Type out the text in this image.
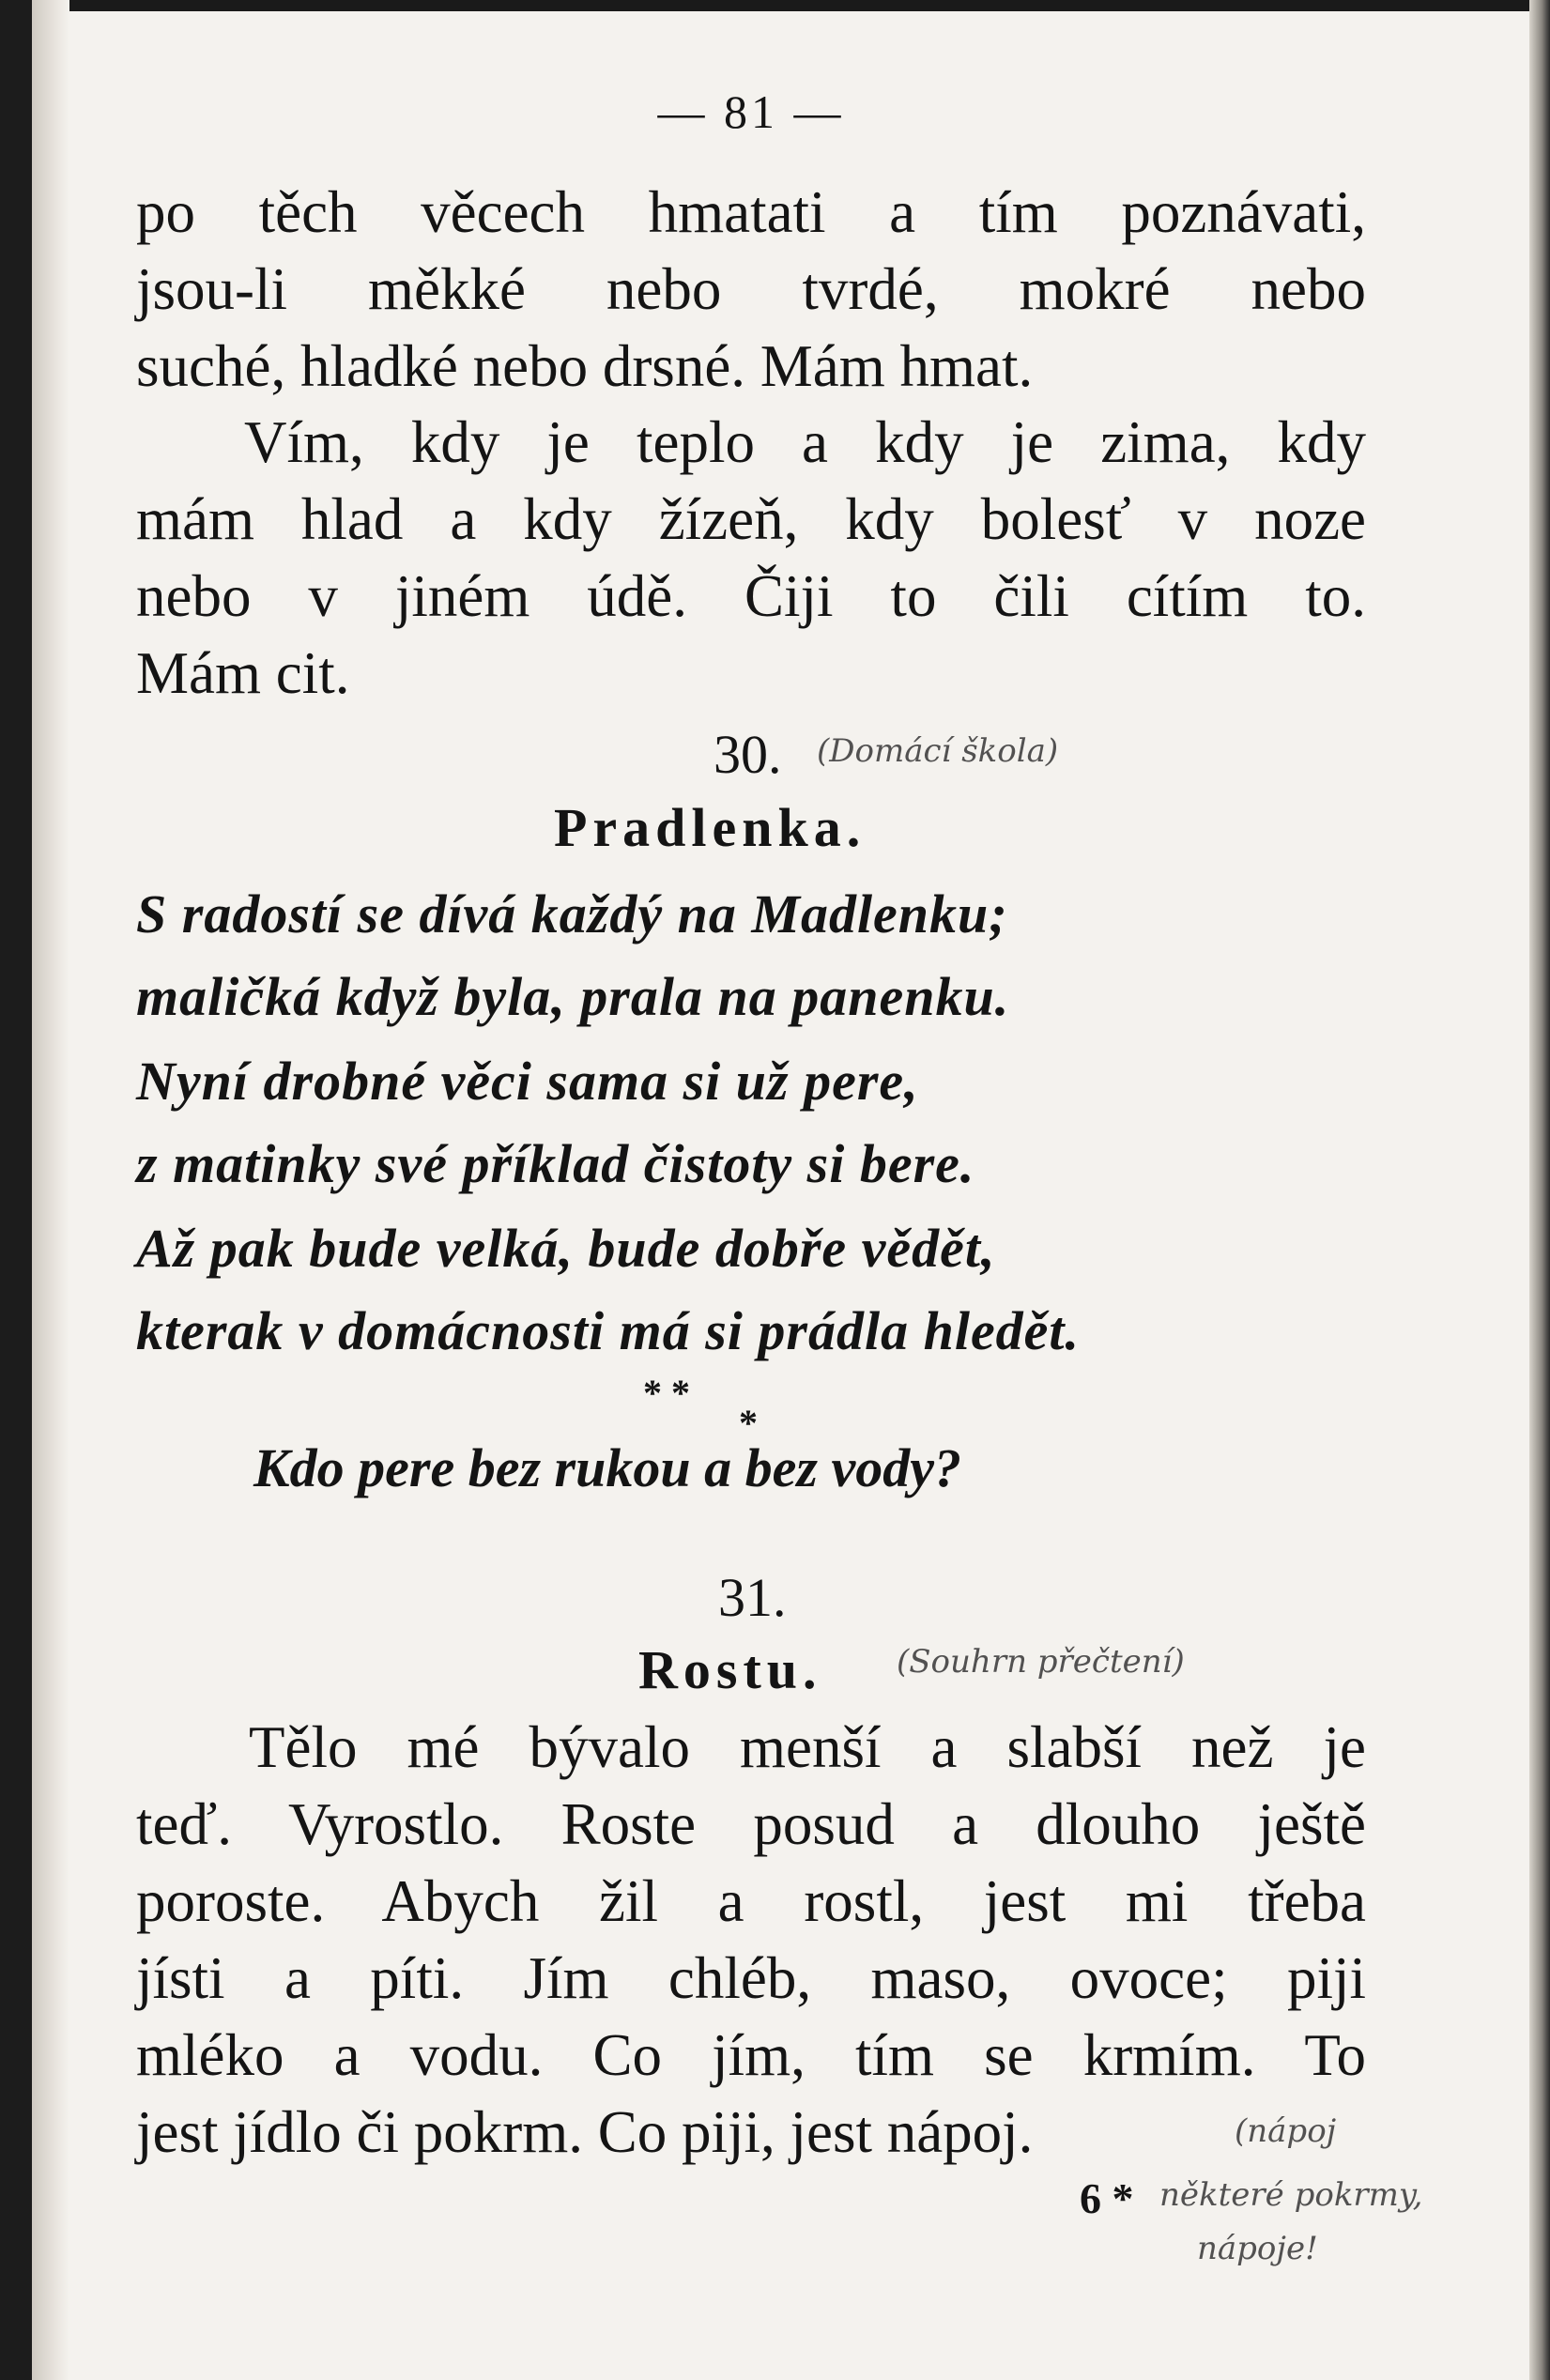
— 81 —
po těch věcech hmatati a tím poznávati,
jsou-li měkké nebo tvrdé, mokré nebo
suché, hladké nebo drsné. Mám hmat.
Vím, kdy je teplo a kdy je zima, kdy
mám hlad a kdy žízeň, kdy bolesť v noze
nebo v jiném údě. Čiji to čili cítím to.
Mám cit.
30. (Domácí škola)
Pradlenka.
S radostí se dívá každý na Madlenku;
maličká když byla, prala na panenku.
Nyní drobné věci sama si už pere,
z matinky své příklad čistoty si bere.
Až pak bude velká, bude dobře vědět,
kterak v domácnosti má si prádla hledět.
* *
*
Kdo pere bez rukou a bez vody?
31.
Rostu. (Souhrn přečtení)
Tělo mé bývalo menší a slabší než je
teď. Vyrostlo. Roste posud a dlouho ještě
poroste. Abych žil a rostl, jest mi třeba
jísti a píti. Jím chléb, maso, ovoce; piji
mléko a vodu. Co jím, tím se krmím. To
jest jídlo či pokrm. Co piji, jest nápoj.	(nápoj
6 * některé pokrmy,
nápoje!
